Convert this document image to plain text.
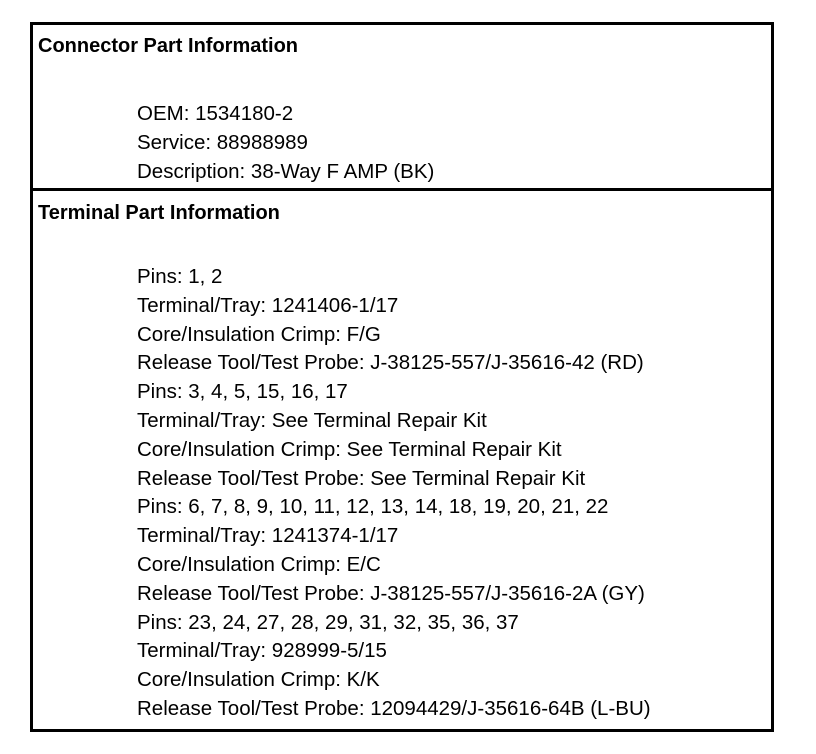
Connector Part Information
OEM: 1534180-2
Service: 88988989
Description: 38-Way F AMP (BK)
Terminal Part Information
Pins: 1, 2
Terminal/Tray: 1241406-1/17
Core/Insulation Crimp: F/G
Release Tool/Test Probe: J-38125-557/J-35616-42 (RD)
Pins: 3, 4, 5, 15, 16, 17
Terminal/Tray: See Terminal Repair Kit
Core/Insulation Crimp: See Terminal Repair Kit
Release Tool/Test Probe: See Terminal Repair Kit
Pins: 6, 7, 8, 9, 10, 11, 12, 13, 14, 18, 19, 20, 21, 22
Terminal/Tray: 1241374-1/17
Core/Insulation Crimp: E/C
Release Tool/Test Probe: J-38125-557/J-35616-2A (GY)
Pins: 23, 24, 27, 28, 29, 31, 32, 35, 36, 37
Terminal/Tray: 928999-5/15
Core/Insulation Crimp: K/K
Release Tool/Test Probe: 12094429/J-35616-64B (L-BU)
